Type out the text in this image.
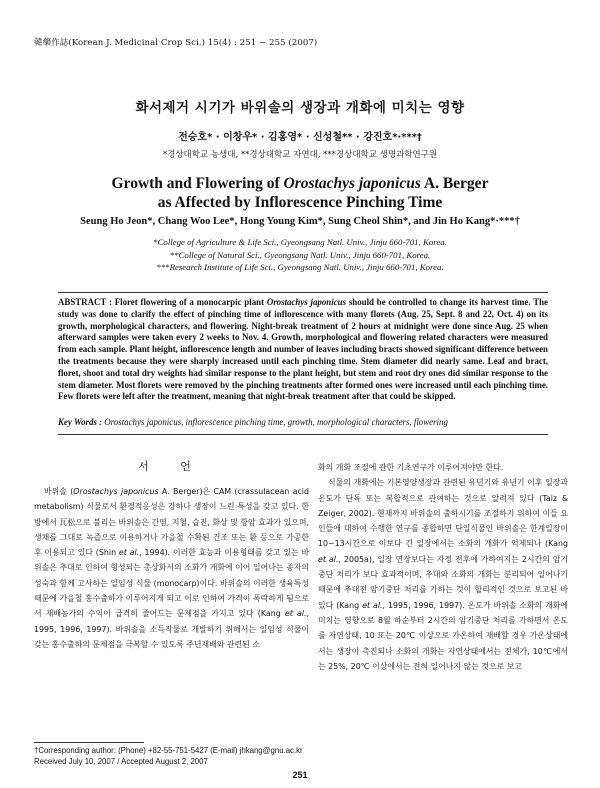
韓藥作誌(Korean J. Medicinal Crop Sci.) 15(4) : 251 − 255 (2007)
화서제거 시기가 바위솔의 생장과 개화에 미치는 영향
전승호* · 이창우* · 김홍영* · 신성철** · 강진호*·***†
*경상대학교 농생대, **경상대학교 자연대, ***경상대학교 생명과학연구원
Growth and Flowering of Orostachys japonicus A. Berger
as Affected by Inflorescence Pinching Time
Seung Ho Jeon*, Chang Woo Lee*, Hong Young Kim*, Sung Cheol Shin*, and Jin Ho Kang*·***†
*College of Agriculture & Life Sci., Gyeongsang Natl. Univ., Jinju 660-701, Korea.
**College of Natural Sci., Gyeongsang Natl. Univ., Jinju 660-701, Korea.
***Research Institute of Life Sci., Gyeongsang Natl. Univ., Jinju 660-701, Korea.

ABSTRACT : Floret flowering of a monocarpic plant Orostachys japonicus should be controlled to change its harvest time. The study was done to clarify the effect of pinching time of inflorescence with many florets (Aug. 25, Sept. 8 and 22, Oct. 4) on its growth, morphological characters, and flowering. Night-break treatment of 2 hours at midnight were done since Aug. 25 when afterward samples were taken every 2 weeks to Nov. 4. Growth, morphological and flowering related characters were measured from each sample. Plant height, inflorescence length and number of leaves including bracts showed significant difference between the treatments because they were sharply increased until each pinching time. Stem diameter did nearly same. Leaf and bract, floret, shoot and total dry weights had similar response to the plant height, but stem and root dry ones did similar response to the stem diameter. Most florets were removed by the pinching treatments after formed ones were increased until each pinching time. Few florets were left after the treatment, meaning that night-break treatment after that could be skipped.

Key Words : Orostachys japonicus, inflorescence pinching time, growth, morphological characters, flowering

서 언

바위솔 (Orostachys japonicus A. Berger)은 CAM (crassulacean acid metabolism) 식물로서 환경적응성은 강하나 생장이 느린 특성을 갖고 있다. 한방에서 瓦松으로 불리는 바위솔은 간염, 지혈, 습진, 화상 및 항암 효과가 있으며, 생채를 그대로 녹즙으로 이용하거나 가을철 수확된 건조 또는 환 등으로 가공한 후 이용되고 있다 (Shin et al., 1994). 이러한 효능과 이용형태를 갖고 있는 바위솔은 추대로 인하여 형성되는 총상화서의 소화가 개화에 이어 일어나는 종자의 성숙과 함께 고사하는 일임성 식물 (monocarp)이다. 바위솔의 이러한 생육특성 때문에 가을철 홍수출하가 이루어지게 되고 이로 인하여 가격이 폭락하게 됨으로서 재배농가의 수익이 급격히 줄어드는 문제점을 가지고 있다 (Kang et al., 1995, 1996, 1997). 바위솔을 소득작물로 개발하기 위해서는 일임성 식물이 갖는 홍수출하의 문제점을 극복할 수 있도록 주년재배와 관련된 소

화의 개화 조절에 관한 기초연구가 이루어져야만 한다.

식물의 개화에는 기본영양생장과 관련된 유년기와 유년기 이후 일장과 온도가 단독 또는 복합적으로 관여하는 것으로 알려져 있다 (Taiz & Zeiger, 2002). 현재까지 바위솔의 출하시기를 조절하기 위하여 이들 요인들에 대하여 수행한 연구를 종합하면 단일식물인 바위솔은 한계일장이 10~13시간으로 이보다 긴 일장에서는 소화의 개화가 억제되나 (Kang et al., 2005a), 일장 연장보다는 자정 전후에 가하여지는 2시간의 암기중단 처리가 보다 효과적이며, 추대와 소화의 개화는 분리되어 일어나기 때문에 추대전 암기중단 처리를 가하는 것이 합리적인 것으로 보고된 바 있다 (Kang et al., 1995, 1996, 1997). 온도가 바위솔 소화의 개화에 미치는 영향으로 8월 하순부터 2시간의 암기중단 처리를 가하면서 온도를 자연상태, 10 또는 20℃ 이상으로 가온하여 재배할 경우 가온상태에서는 생장이 촉진되나 소화의 개화는 자연상태에서는 전체가, 10℃에서는 25%, 20℃ 이상에서는 전혀 일어나지 않는 것으로 보고

†Corresponding author: (Phone) +82-55-751-5427 (E-mail) jhkang@gnu.ac.kr
Received July 10, 2007 / Accepted August 2, 2007
251
